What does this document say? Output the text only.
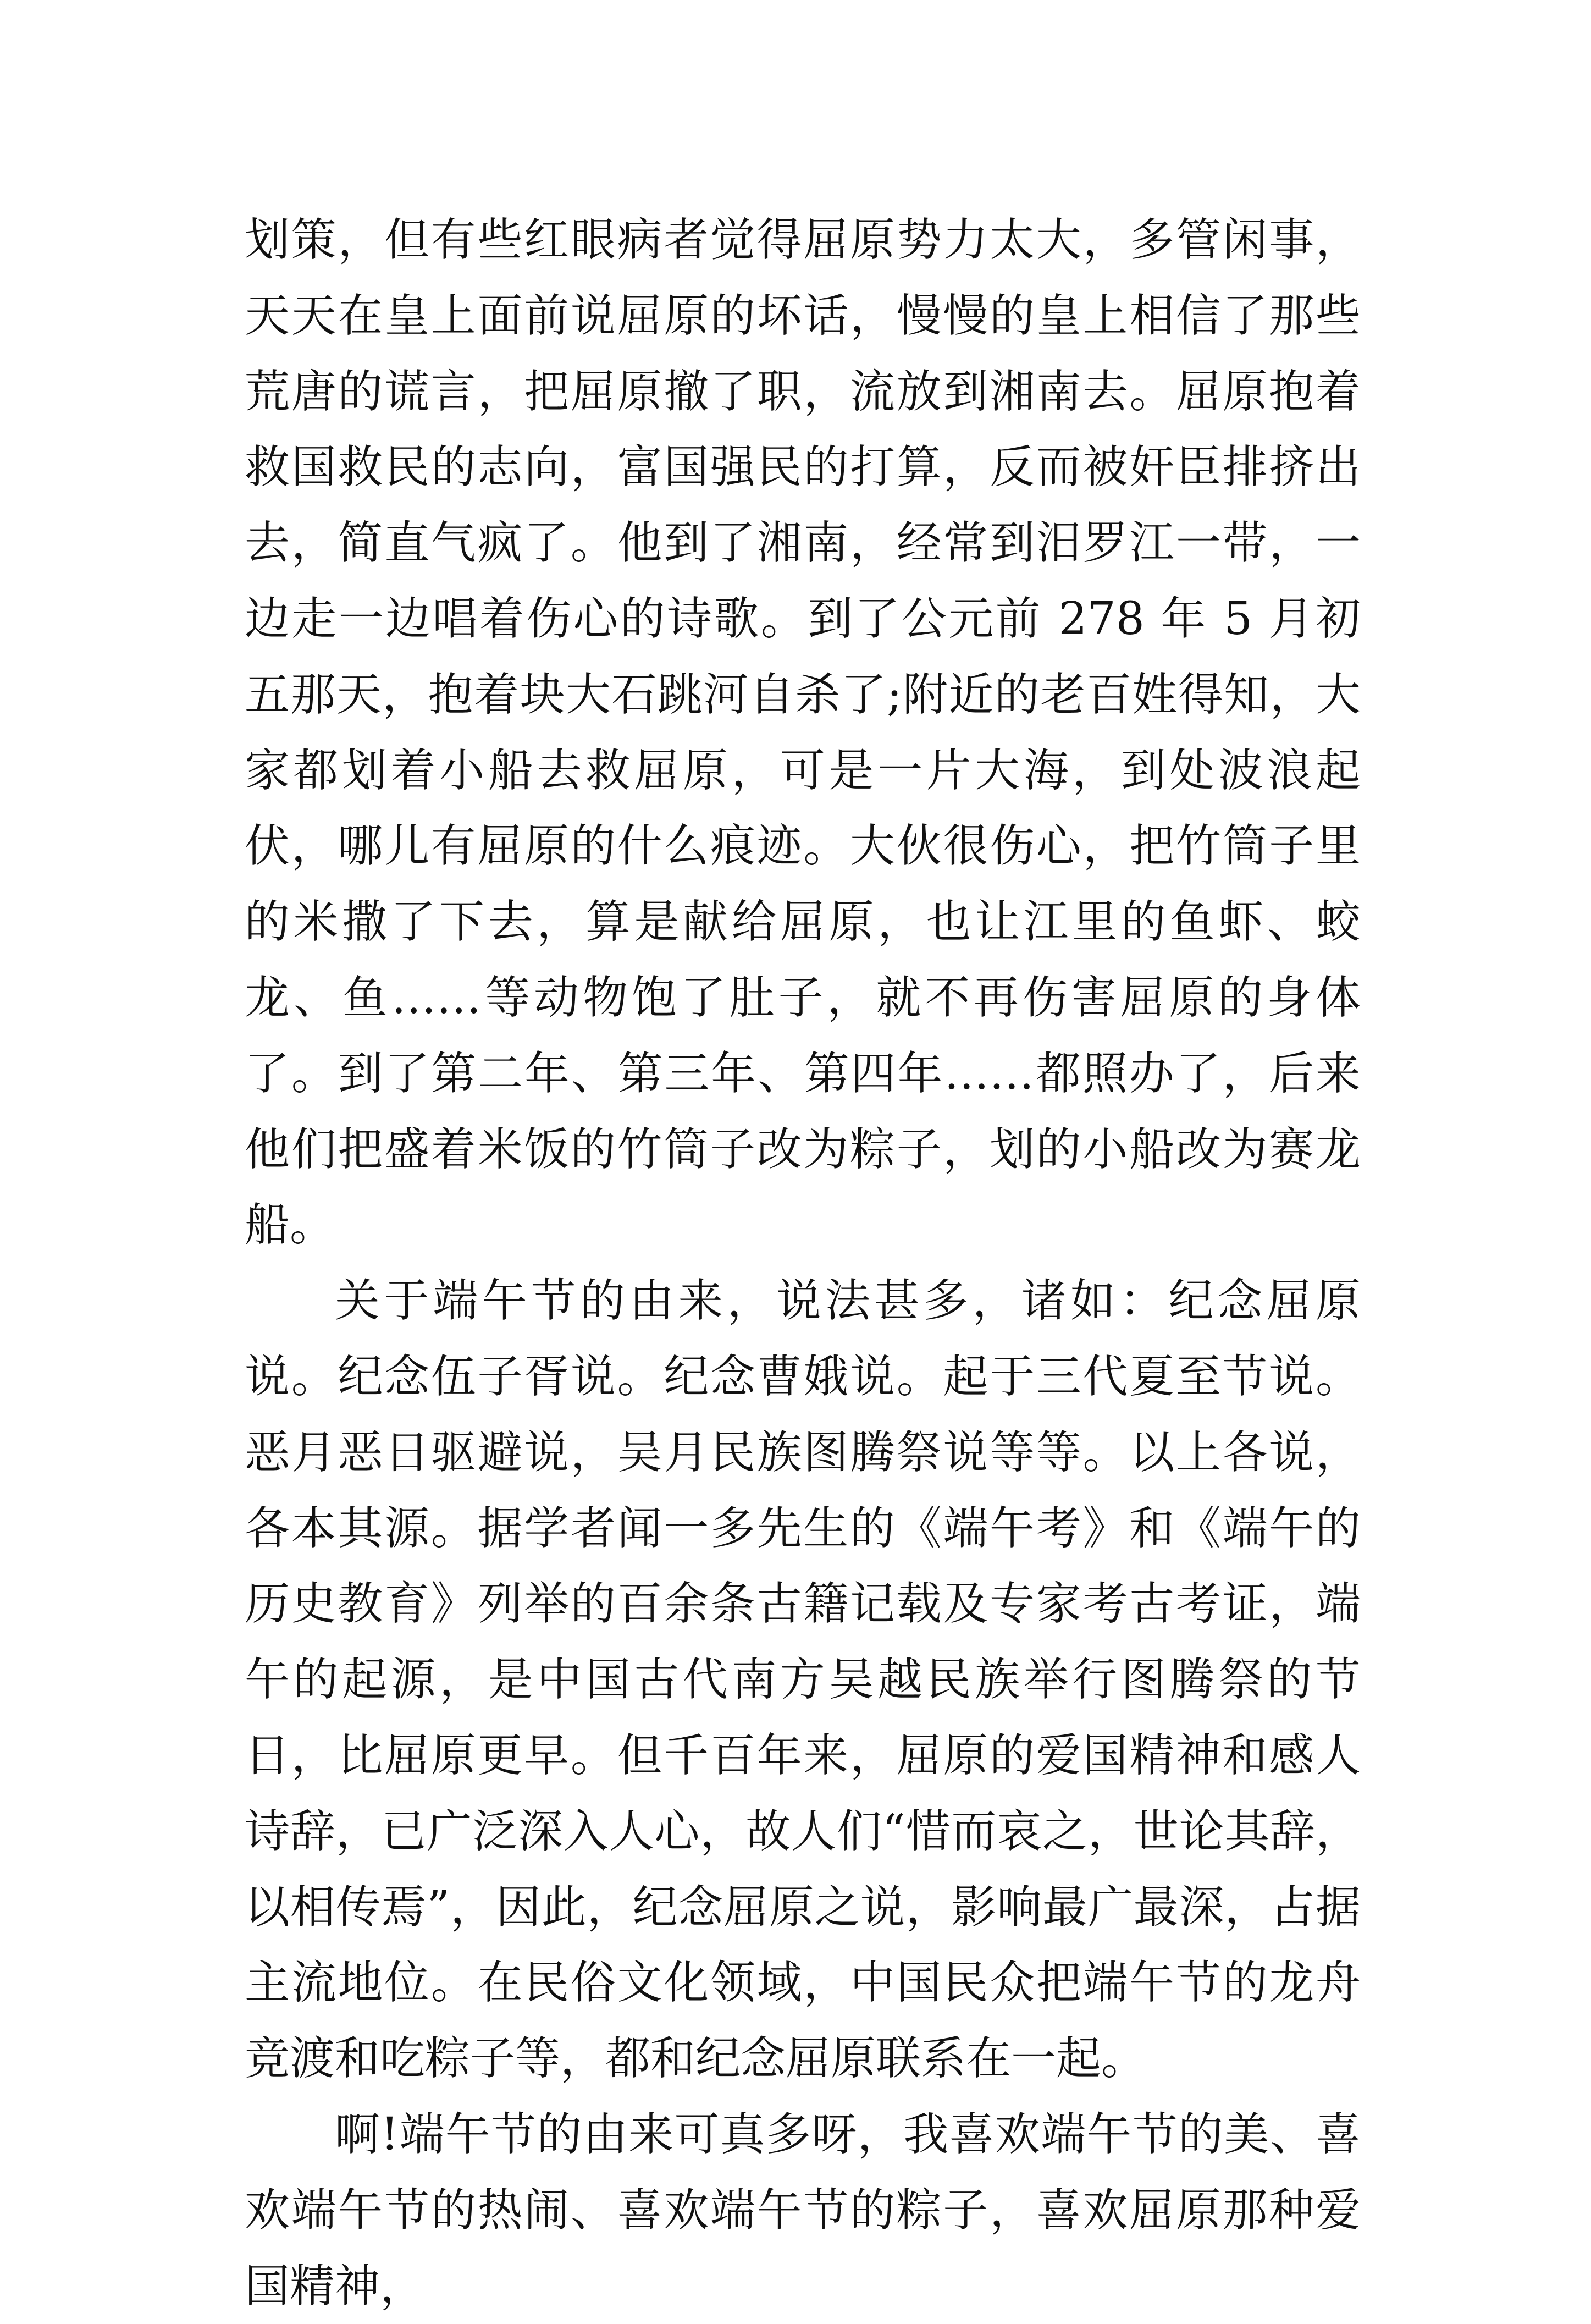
划策，但有些红眼病者觉得屈原势力太大，多管闲事，天天在皇上面前说屈原的坏话，慢慢的皇上相信了那些荒唐的谎言，把屈原撤了职，流放到湘南去。屈原抱着救国救民的志向，富国强民的打算，反而被奸臣排挤出去，简直气疯了。他到了湘南，经常到汨罗江一带，一边走一边唱着伤心的诗歌。到了公元前 278 年 5 月初五那天，抱着块大石跳河自杀了;附近的老百姓得知，大家都划着小船去救屈原，可是一片大海，到处波浪起伏，哪儿有屈原的什么痕迹。大伙很伤心，把竹筒子里的米撒了下去，算是献给屈原，也让江里的鱼虾、蛟龙、鱼……等动物饱了肚子，就不再伤害屈原的身体了。到了第二年、第三年、第四年……都照办了，后来他们把盛着米饭的竹筒子改为粽子，划的小船改为赛龙船。

关于端午节的由来，说法甚多，诸如：纪念屈原说。纪念伍子胥说。纪念曹娥说。起于三代夏至节说。恶月恶日驱避说，吴月民族图腾祭说等等。以上各说，各本其源。据学者闻一多先生的《端午考》和《端午的历史教育》列举的百余条古籍记载及专家考古考证，端午的起源，是中国古代南方吴越民族举行图腾祭的节日，比屈原更早。但千百年来，屈原的爱国精神和感人诗辞，已广泛深入人心，故人们“惜而哀之，世论其辞，以相传焉”，因此，纪念屈原之说，影响最广最深，占据主流地位。在民俗文化领域，中国民众把端午节的龙舟竞渡和吃粽子等，都和纪念屈原联系在一起。

啊!端午节的由来可真多呀，我喜欢端午节的美、喜欢端午节的热闹、喜欢端午节的粽子，喜欢屈原那种爱国精神，
